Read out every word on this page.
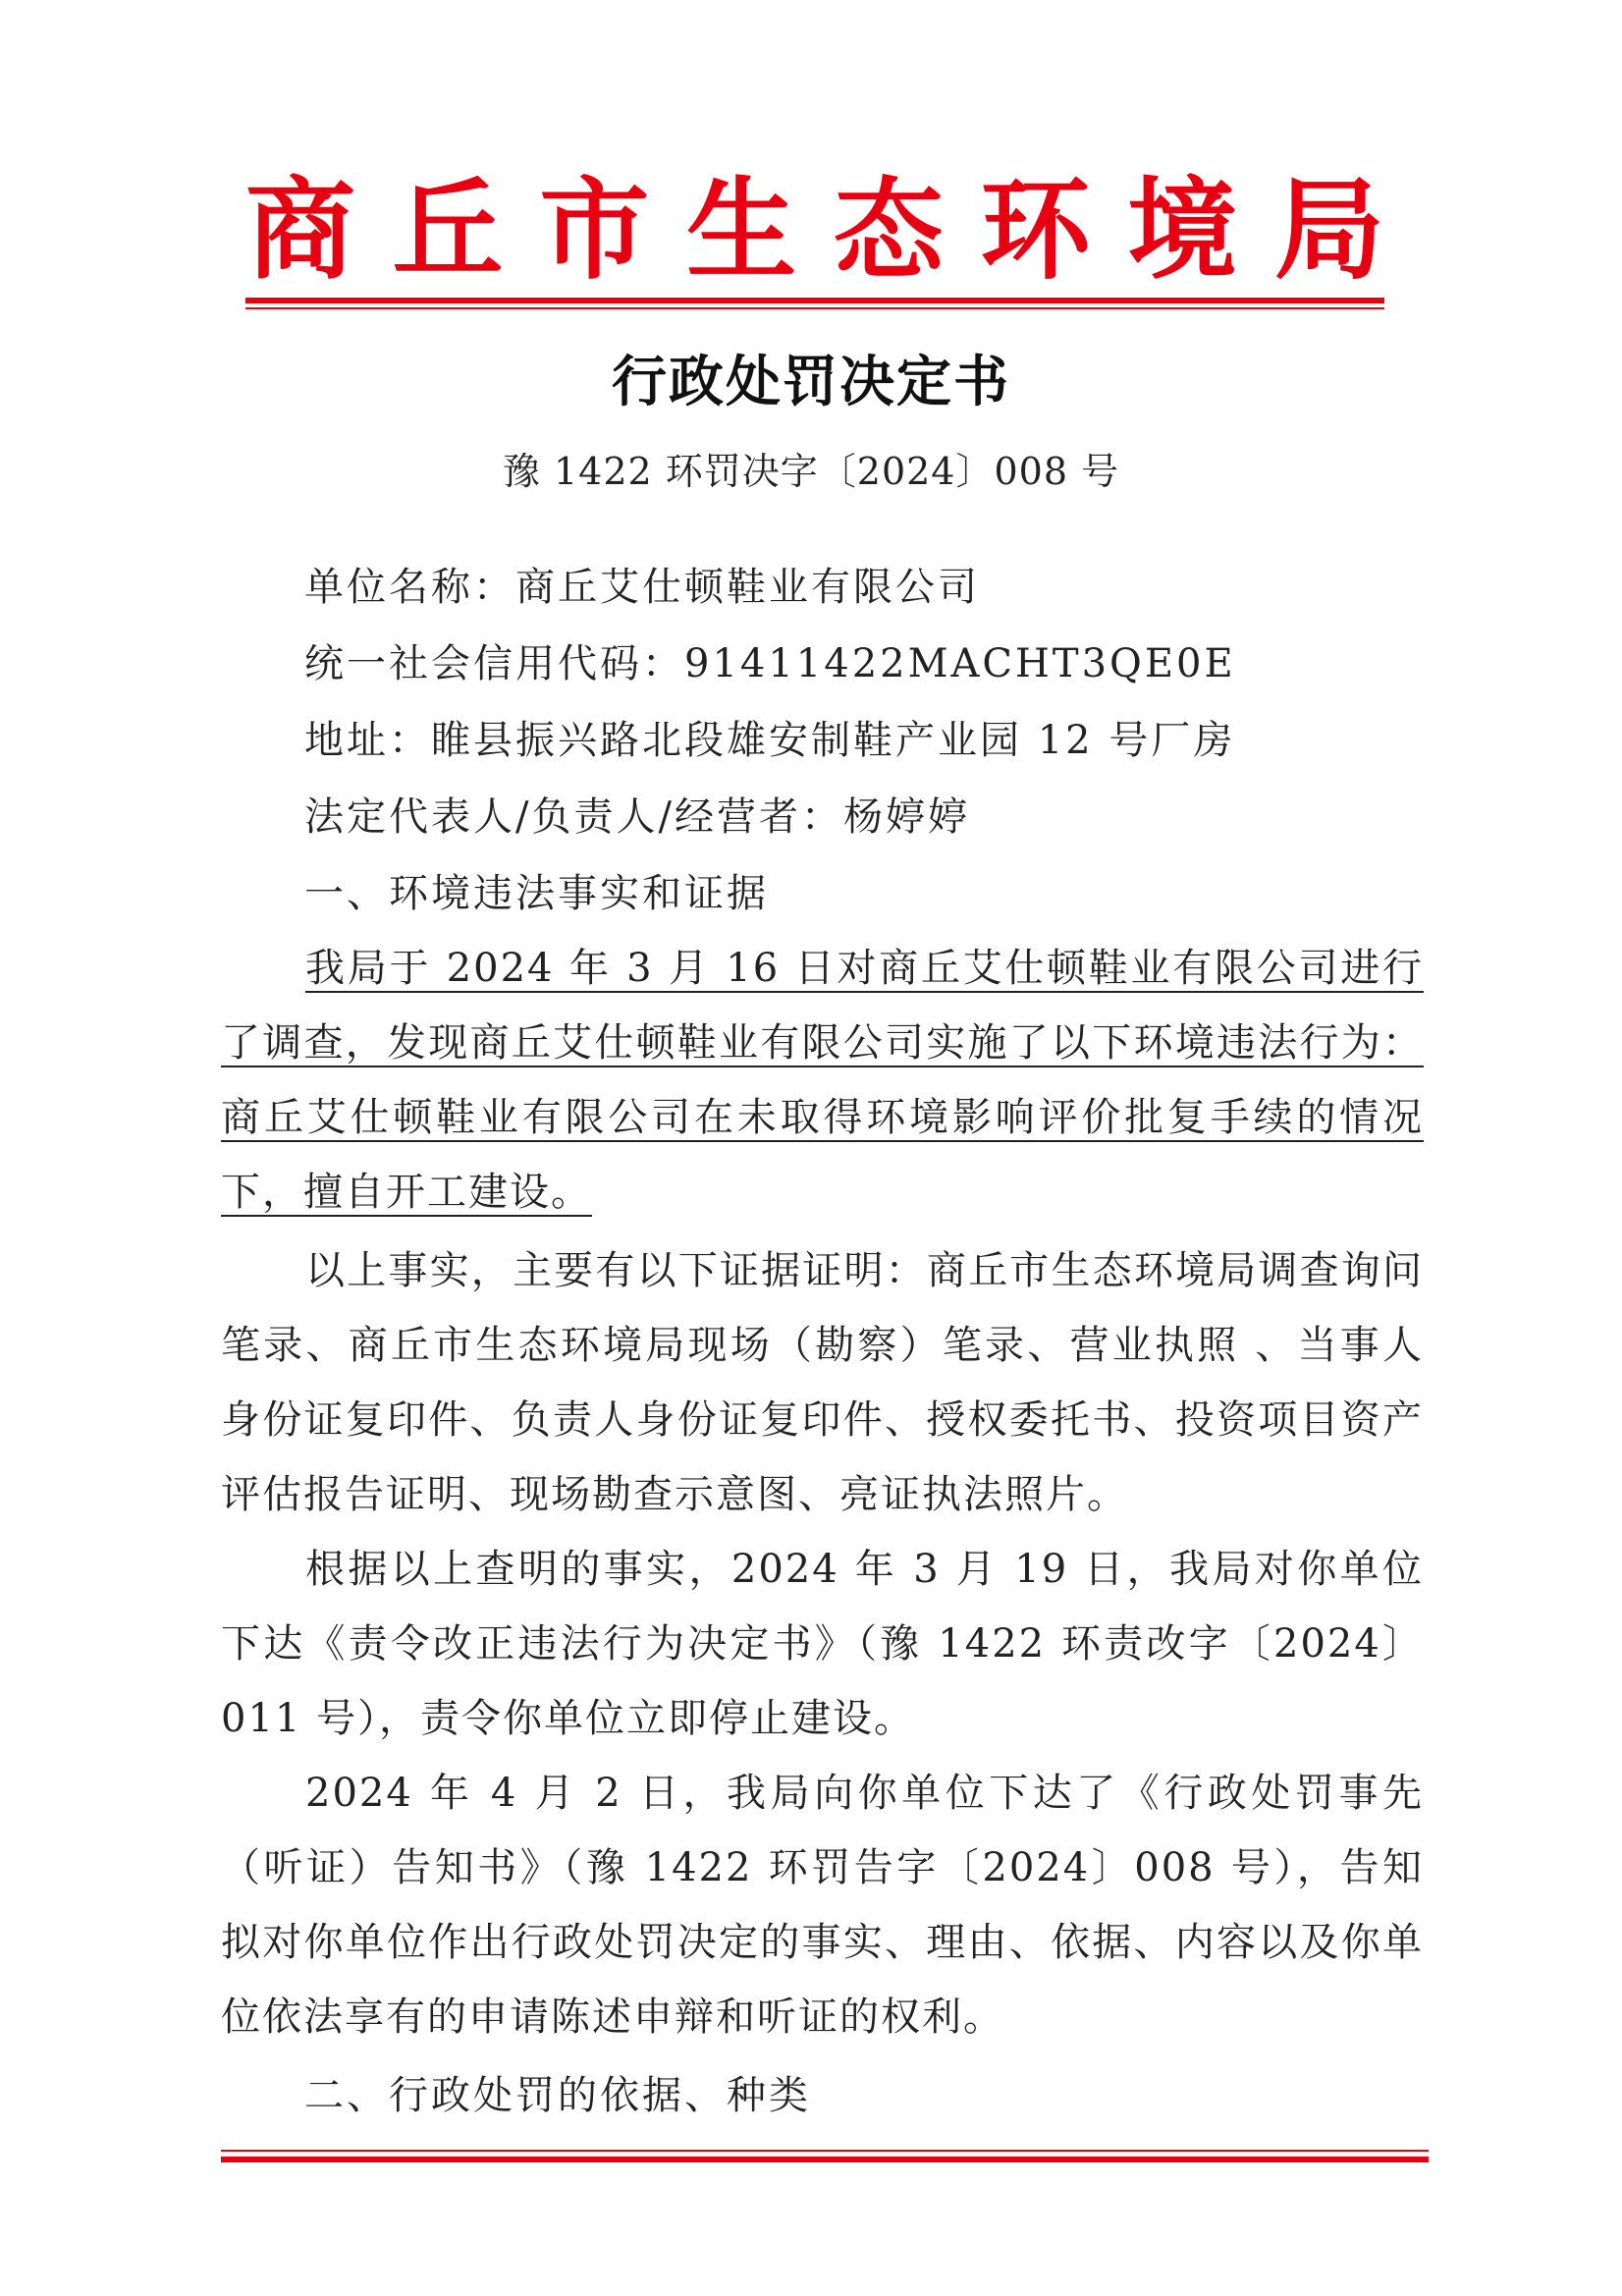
商丘市生态环境局
行政处罚决定书
豫 1422 环罚决字〔2024〕008 号
单位名称：商丘艾仕顿鞋业有限公司
统一社会信用代码：91411422MACHT3QE0E
地址：睢县振兴路北段雄安制鞋产业园 12 号厂房
法定代表人/负责人/经营者：杨婷婷
一、环境违法事实和证据
我局于 2024 年 3 月 16 日对商丘艾仕顿鞋业有限公司进行了调查，发现商丘艾仕顿鞋业有限公司实施了以下环境违法行为：商丘艾仕顿鞋业有限公司在未取得环境影响评价批复手续的情况下，擅自开工建设。
以上事实，主要有以下证据证明：商丘市生态环境局调查询问笔录、商丘市生态环境局现场（勘察）笔录、营业执照 、当事人身份证复印件、负责人身份证复印件、授权委托书、投资项目资产评估报告证明、现场勘查示意图、亮证执法照片。
根据以上查明的事实，2024 年 3 月 19 日，我局对你单位下达《责令改正违法行为决定书》（豫 1422 环责改字〔2024〕011 号），责令你单位立即停止建设。
2024 年 4 月 2 日，我局向你单位下达了《行政处罚事先（听证）告知书》（豫 1422 环罚告字〔2024〕008 号），告知拟对你单位作出行政处罚决定的事实、理由、依据、内容以及你单位依法享有的申请陈述申辩和听证的权利。
二、行政处罚的依据、种类
